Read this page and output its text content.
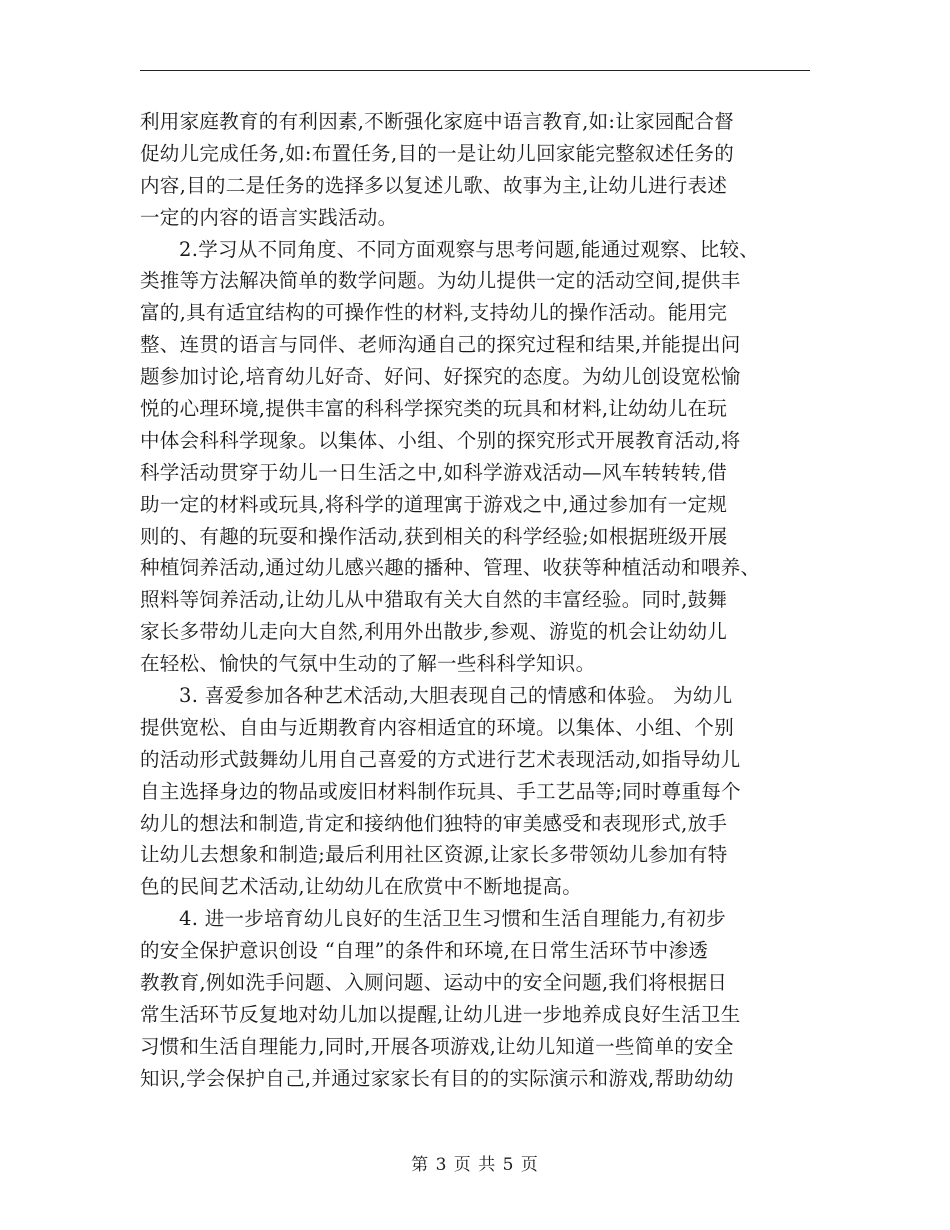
利用家庭教育的有利因素,不断强化家庭中语言教育,如:让家园配合督
促幼儿完成任务,如:布置任务,目的一是让幼儿回家能完整叙述任务的
内容,目的二是任务的选择多以复述儿歌、故事为主,让幼儿进行表述
一定的内容的语言实践活动。
2.学习从不同角度、不同方面观察与思考问题,能通过观察、比较、
类推等方法解决简单的数学问题。为幼儿提供一定的活动空间,提供丰
富的,具有适宜结构的可操作性的材料,支持幼儿的操作活动。能用完
整、连贯的语言与同伴、老师沟通自己的探究过程和结果,并能提出问
题参加讨论,培育幼儿好奇、好问、好探究的态度。为幼儿创设宽松愉
悦的心理环境,提供丰富的科科学探究类的玩具和材料,让幼幼儿在玩
中体会科科学现象。以集体、小组、个别的探究形式开展教育活动,将
科学活动贯穿于幼儿一日生活之中,如科学游戏活动—风车转转转,借
助一定的材料或玩具,将科学的道理寓于游戏之中,通过参加有一定规
则的、有趣的玩耍和操作活动,获到相关的科学经验;如根据班级开展
种植饲养活动,通过幼儿感兴趣的播种、管理、收获等种植活动和喂养、
照料等饲养活动,让幼儿从中猎取有关大自然的丰富经验。同时,鼓舞
家长多带幼儿走向大自然,利用外出散步,参观、游览的机会让幼幼儿
在轻松、愉快的气氛中生动的了解一些科科学知识。
3. 喜爱参加各种艺术活动,大胆表现自己的情感和体验。 为幼儿
提供宽松、自由与近期教育内容相适宜的环境。以集体、小组、个别
的活动形式鼓舞幼儿用自己喜爱的方式进行艺术表现活动,如指导幼儿
自主选择身边的物品或废旧材料制作玩具、手工艺品等;同时尊重每个
幼儿的想法和制造,肯定和接纳他们独特的审美感受和表现形式,放手
让幼儿去想象和制造;最后利用社区资源,让家长多带领幼儿参加有特
色的民间艺术活动,让幼幼儿在欣赏中不断地提高。
4. 进一步培育幼儿良好的生活卫生习惯和生活自理能力,有初步
的安全保护意识创设 “自理”的条件和环境,在日常生活环节中渗透
教教育,例如洗手问题、入厕问题、运动中的安全问题,我们将根据日
常生活环节反复地对幼儿加以提醒,让幼儿进一步地养成良好生活卫生
习惯和生活自理能力,同时,开展各项游戏,让幼儿知道一些简单的安全
知识,学会保护自己,并通过家家长有目的的实际演示和游戏,帮助幼幼
第 3 页 共 5 页
